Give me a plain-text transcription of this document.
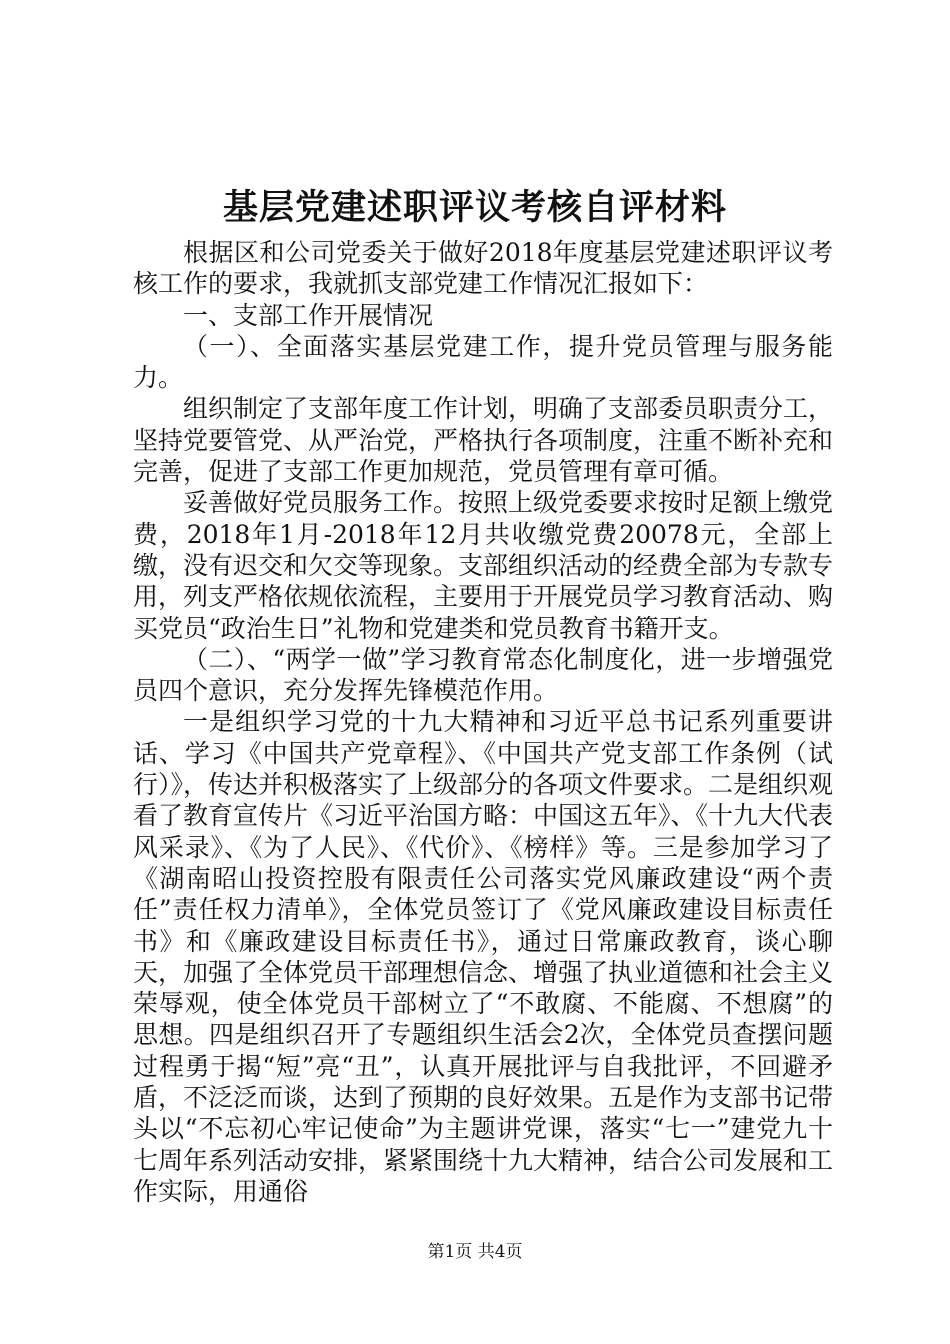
基层党建述职评议考核自评材料

根据区和公司党委关于做好2018年度基层党建述职评议考核工作的要求，我就抓支部党建工作情况汇报如下：

一、支部工作开展情况

（一）、全面落实基层党建工作，提升党员管理与服务能力。

组织制定了支部年度工作计划，明确了支部委员职责分工，坚持党要管党、从严治党，严格执行各项制度，注重不断补充和完善，促进了支部工作更加规范，党员管理有章可循。

妥善做好党员服务工作。按照上级党委要求按时足额上缴党费，2018年1月-2018年12月共收缴党费20078元，全部上缴，没有迟交和欠交等现象。支部组织活动的经费全部为专款专用，列支严格依规依流程，主要用于开展党员学习教育活动、购买党员“政治生日”礼物和党建类和党员教育书籍开支。

（二）、“两学一做”学习教育常态化制度化，进一步增强党员四个意识，充分发挥先锋模范作用。

一是组织学习党的十九大精神和习近平总书记系列重要讲话、学习《中国共产党章程》、《中国共产党支部工作条例（试行）》，传达并积极落实了上级部分的各项文件要求。二是组织观看了教育宣传片《习近平治国方略：中国这五年》、《十九大代表风采录》、《为了人民》、《代价》、《榜样》等。三是参加学习了《湖南昭山投资控股有限责任公司落实党风廉政建设“两个责任”责任权力清单》，全体党员签订了《党风廉政建设目标责任书》和《廉政建设目标责任书》，通过日常廉政教育，谈心聊天，加强了全体党员干部理想信念、增强了执业道德和社会主义荣辱观，使全体党员干部树立了“不敢腐、不能腐、不想腐”的思想。四是组织召开了专题组织生活会2次，全体党员查摆问题过程勇于揭“短”亮“丑”，认真开展批评与自我批评，不回避矛盾，不泛泛而谈，达到了预期的良好效果。五是作为支部书记带头以“不忘初心牢记使命”为主题讲党课，落实“七一”建党九十七周年系列活动安排，紧紧围绕十九大精神，结合公司发展和工作实际，用通俗

第1页 共4页
